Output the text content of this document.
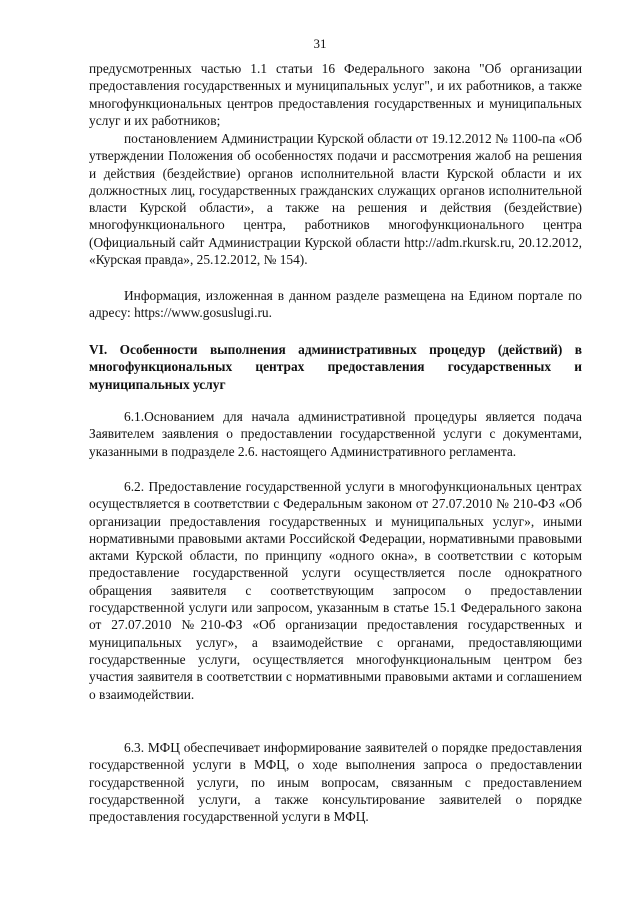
31

предусмотренных частью 1.1 статьи 16 Федерального закона "Об организации предоставления государственных и муниципальных услуг", и их работников, а также многофункциональных центров предоставления государственных и муниципальных услуг и их работников;

постановлением Администрации Курской области от 19.12.2012 № 1100-па «Об утверждении Положения об особенностях подачи и рассмотрения жалоб на решения и действия (бездействие) органов исполнительной власти Курской области и их должностных лиц, государственных гражданских служащих органов исполнительной власти Курской области», а также на решения и действия (бездействие) многофункционального центра, работников многофункционального центра (Официальный сайт Администрации Курской области http://adm.rkursk.ru, 20.12.2012, «Курская правда», 25.12.2012, № 154).

Информация, изложенная в данном разделе размещена на Едином портале по адресу: https://www.gosuslugi.ru.

VI. Особенности выполнения административных процедур (действий) в многофункциональных центрах предоставления государственных и муниципальных услуг

6.1.Основанием для начала административной процедуры является подача Заявителем заявления о предоставлении государственной услуги с документами, указанными в подразделе 2.6. настоящего Административного регламента.

6.2. Предоставление государственной услуги в многофункциональных центрах осуществляется в соответствии с Федеральным законом от 27.07.2010 № 210-ФЗ «Об организации предоставления государственных и муниципальных услуг», иными нормативными правовыми актами Российской Федерации, нормативными правовыми актами Курской области, по принципу «одного окна», в соответствии с которым предоставление государственной услуги осуществляется после однократного обращения заявителя с соответствующим запросом о предоставлении государственной услуги или запросом, указанным в статье 15.1 Федерального закона от 27.07.2010 №210-ФЗ «Об организации предоставления государственных и муниципальных услуг», а взаимодействие с органами, предоставляющими государственные услуги, осуществляется многофункциональным центром без участия заявителя в соответствии с нормативными правовыми актами и соглашением о взаимодействии.

6.3. МФЦ обеспечивает информирование заявителей о порядке предоставления государственной услуги в МФЦ, о ходе выполнения запроса о предоставлении государственной услуги, по иным вопросам, связанным с предоставлением государственной услуги, а также консультирование заявителей о порядке предоставления государственной услуги в МФЦ.
